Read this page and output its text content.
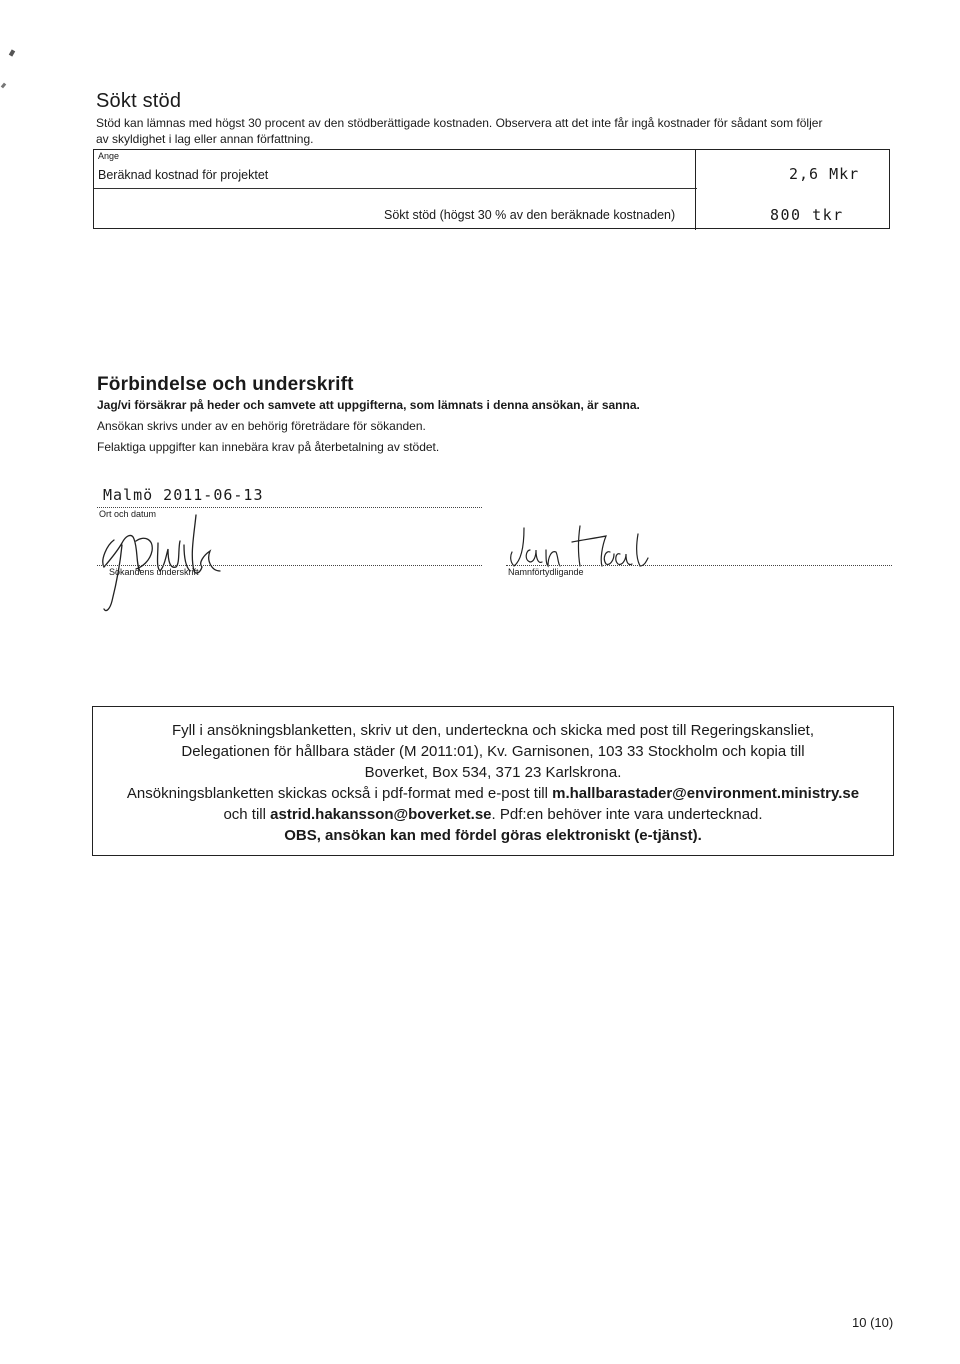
Sökt stöd
Stöd kan lämnas med högst 30 procent av den stödberättigade kostnaden. Observera att det inte får ingå kostnader för sådant som följer
av skyldighet i lag eller annan författning.
Ange
Beräknad kostnad för projektet	2,6 Mkr
Sökt stöd (högst 30 % av den beräknade kostnaden)	800 tkr
Förbindelse och underskrift
Jag/vi försäkrar på heder och samvete att uppgifterna, som lämnats i denna ansökan, är sanna.
Ansökan skrivs under av en behörig företrädare för sökanden.
Felaktiga uppgifter kan innebära krav på återbetalning av stödet.
Malmö 2011-06-13
Ort och datum
Sökandens underskrift	Namnförtydligande
Fyll i ansökningsblanketten, skriv ut den, underteckna och skicka med post till Regeringskansliet,
Delegationen för hållbara städer (M 2011:01), Kv. Garnisonen, 103 33 Stockholm och kopia till
Boverket, Box 534, 371 23 Karlskrona.
Ansökningsblanketten skickas också i pdf-format med e-post till m.hallbarastader@environment.ministry.se
och till astrid.hakansson@boverket.se. Pdf:en behöver inte vara undertecknad.
OBS, ansökan kan med fördel göras elektroniskt (e-tjänst).
10 (10)
